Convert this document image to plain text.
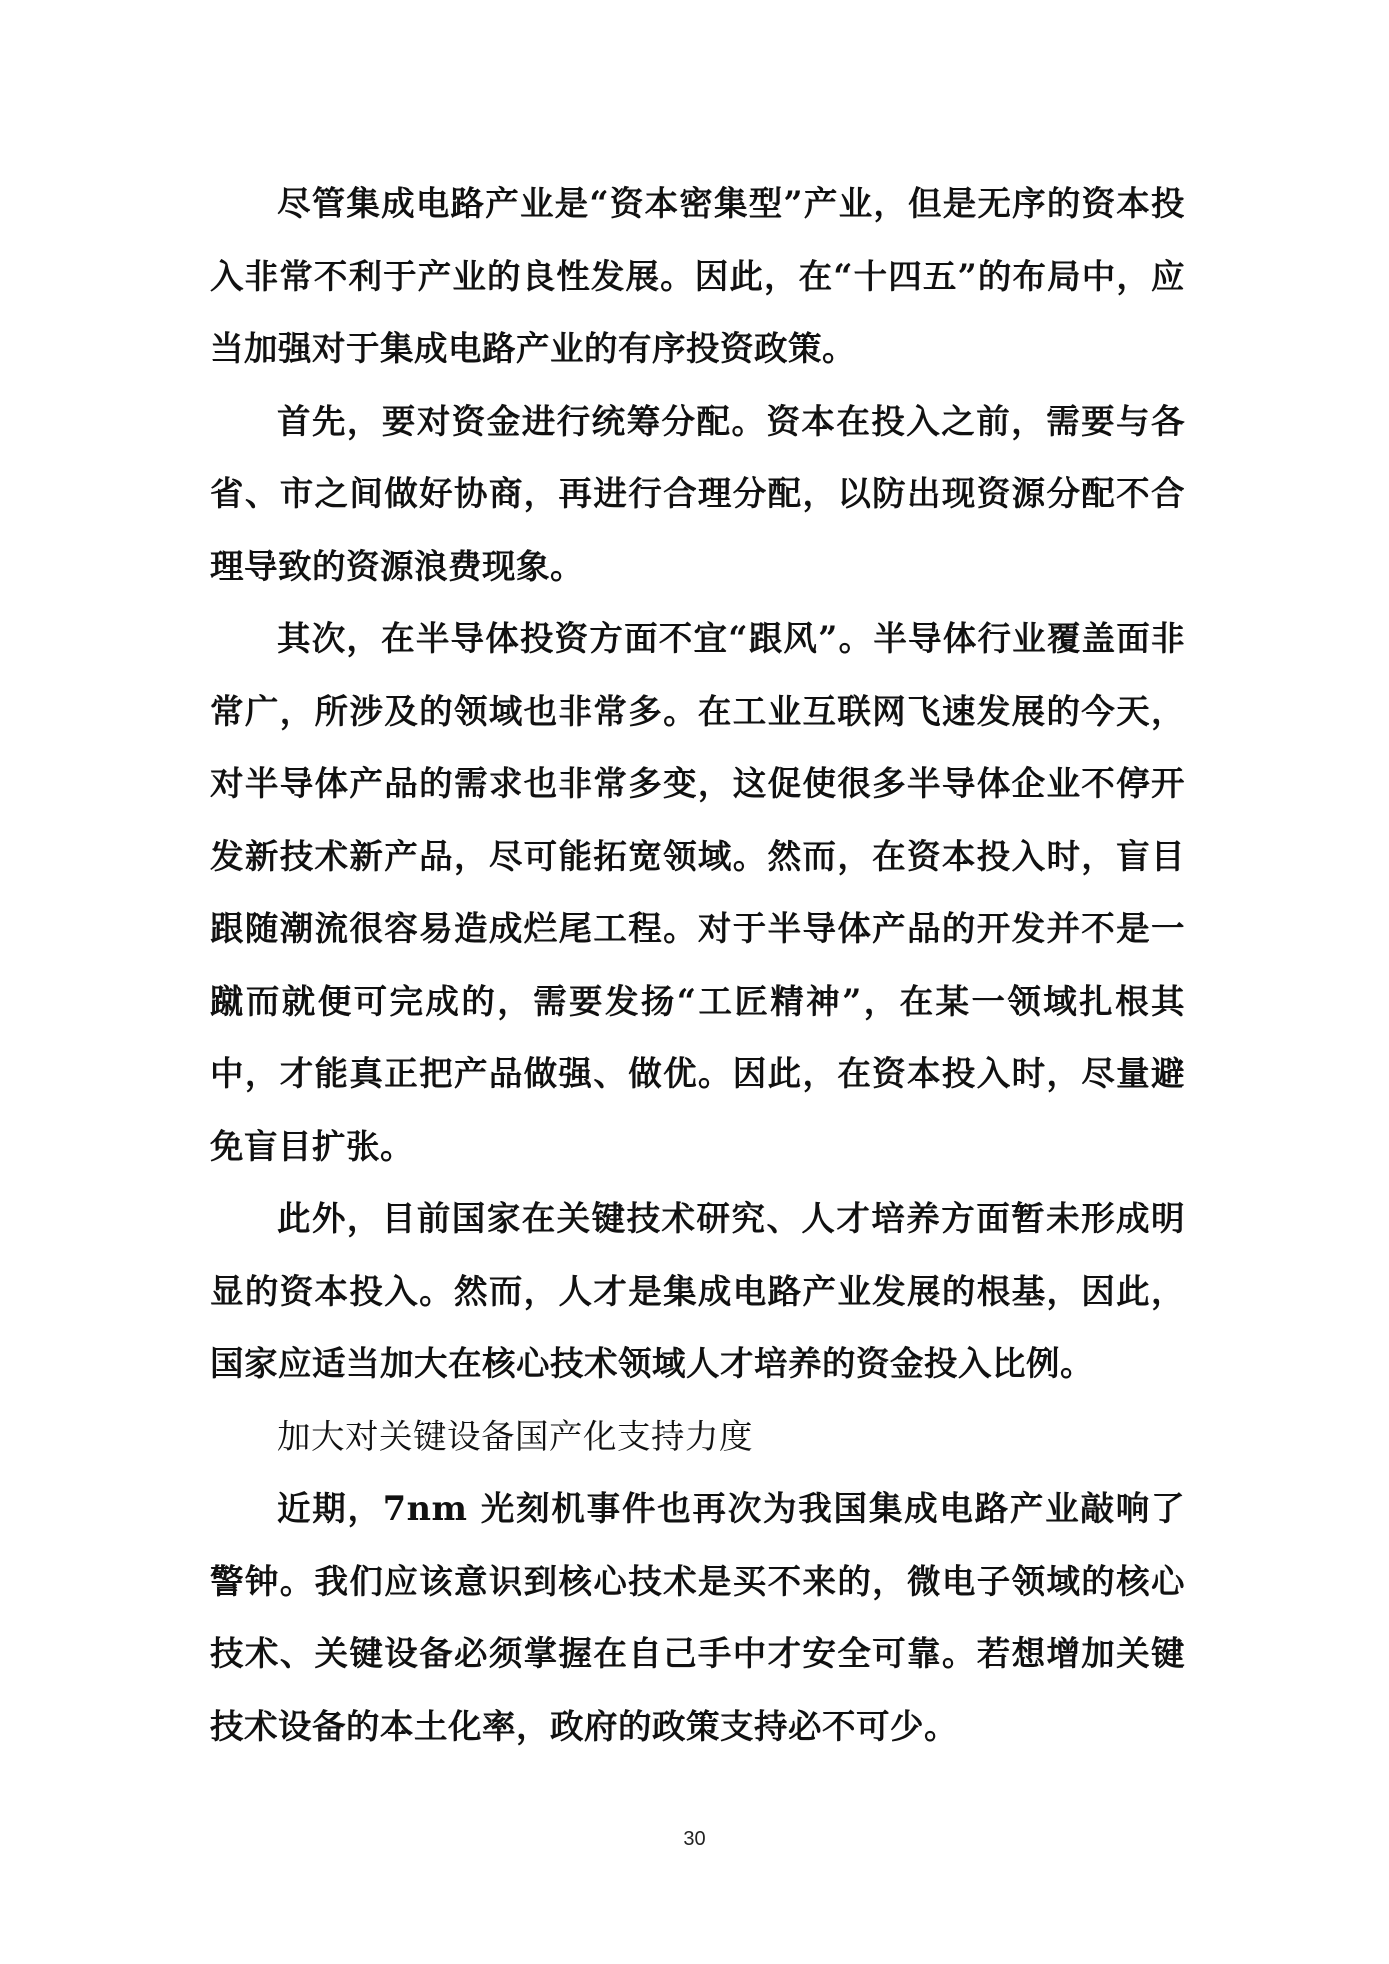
尽管集成电路产业是“资本密集型”产业，但是无序的资本投入非常不利于产业的良性发展。因此，在“十四五”的布局中，应当加强对于集成电路产业的有序投资政策。

首先，要对资金进行统筹分配。资本在投入之前，需要与各省、市之间做好协商，再进行合理分配，以防出现资源分配不合理导致的资源浪费现象。

其次，在半导体投资方面不宜“跟风”。半导体行业覆盖面非常广，所涉及的领域也非常多。在工业互联网飞速发展的今天，对半导体产品的需求也非常多变，这促使很多半导体企业不停开发新技术新产品，尽可能拓宽领域。然而，在资本投入时，盲目跟随潮流很容易造成烂尾工程。对于半导体产品的开发并不是一蹴而就便可完成的，需要发扬“工匠精神”，在某一领域扎根其中，才能真正把产品做强、做优。因此，在资本投入时，尽量避免盲目扩张。

此外，目前国家在关键技术研究、人才培养方面暂未形成明显的资本投入。然而，人才是集成电路产业发展的根基，因此，国家应适当加大在核心技术领域人才培养的资金投入比例。

加大对关键设备国产化支持力度

近期，7nm 光刻机事件也再次为我国集成电路产业敲响了警钟。我们应该意识到核心技术是买不来的，微电子领域的核心技术、关键设备必须掌握在自己手中才安全可靠。若想增加关键技术设备的本土化率，政府的政策支持必不可少。

30
